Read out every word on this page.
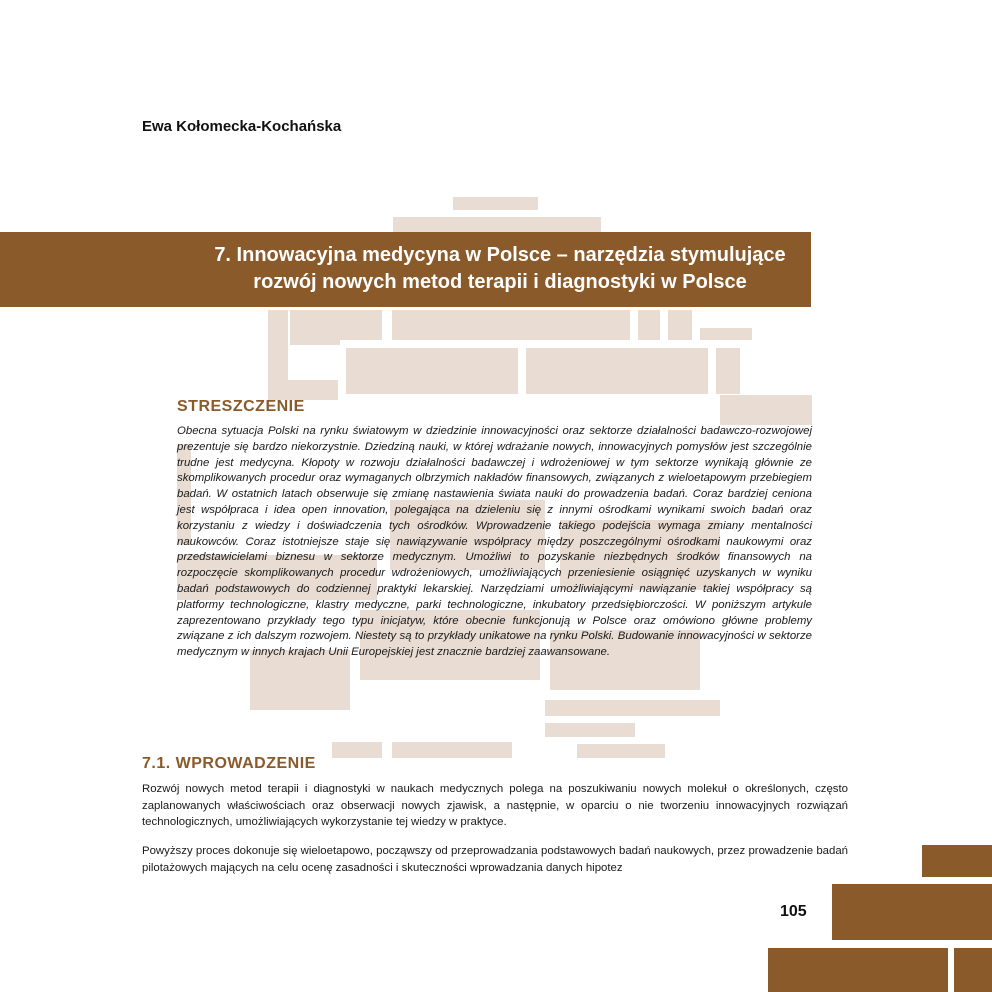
Ewa Kołomecka-Kochańska
7. Innowacyjna medycyna w Polsce – narzędzia stymulujące
rozwój nowych metod terapii i diagnostyki w Polsce
STRESZCZENIE
Obecna sytuacja Polski na rynku światowym w dziedzinie innowacyjności oraz sektorze działalności badawczo-rozwojowej prezentuje się bardzo niekorzystnie. Dziedziną nauki, w której wdrażanie nowych, innowacyjnych pomysłów jest szczególnie trudne jest medycyna. Kłopoty w rozwoju działalności badawczej i wdrożeniowej w tym sektorze wynikają głównie ze skomplikowanych procedur oraz wymaganych olbrzymich nakładów finansowych, związanych z wieloetapowym przebiegiem badań. W ostatnich latach obserwuje się zmianę nastawienia świata nauki do prowadzenia badań. Coraz bardziej ceniona jest współpraca i idea open innovation, polegająca na dzieleniu się z innymi ośrodkami wynikami swoich badań oraz korzystaniu z wiedzy i doświadczenia tych ośrodków. Wprowadzenie takiego podejścia wymaga zmiany mentalności naukowców. Coraz istotniejsze staje się nawiązywanie współpracy między poszczególnymi ośrodkami naukowymi oraz przedstawicielami biznesu w sektorze medycznym. Umożliwi to pozyskanie niezbędnych środków finansowych na rozpoczęcie skomplikowanych procedur wdrożeniowych, umożliwiających przeniesienie osiągnięć uzyskanych w wyniku badań podstawowych do codziennej praktyki lekarskiej. Narzędziami umożliwiającymi nawiązanie takiej współpracy są platformy technologiczne, klastry medyczne, parki technologiczne, inkubatory przedsiębiorczości. W poniższym artykule zaprezentowano przykłady tego typu inicjatyw, które obecnie funkcjonują w Polsce oraz omówiono główne problemy związane z ich dalszym rozwojem. Niestety są to przykłady unikatowe na rynku Polski. Budowanie innowacyjności w sektorze medycznym w innych krajach Unii Europejskiej jest znacznie bardziej zaawansowane.
7.1. WPROWADZENIE

Rozwój nowych metod terapii i diagnostyki w naukach medycznych polega na poszukiwaniu nowych molekuł o określonych, często zaplanowanych właściwościach oraz obserwacji nowych zjawisk, a następnie, w oparciu o nie tworzeniu innowacyjnych rozwiązań technologicznych, umożliwiających wykorzystanie tej wiedzy w praktyce.

Powyższy proces dokonuje się wieloetapowo, począwszy od przeprowadzania podstawowych badań naukowych, przez prowadzenie badań pilotażowych mających na celu ocenę zasadności i skuteczności wprowadzania danych hipotez

105
